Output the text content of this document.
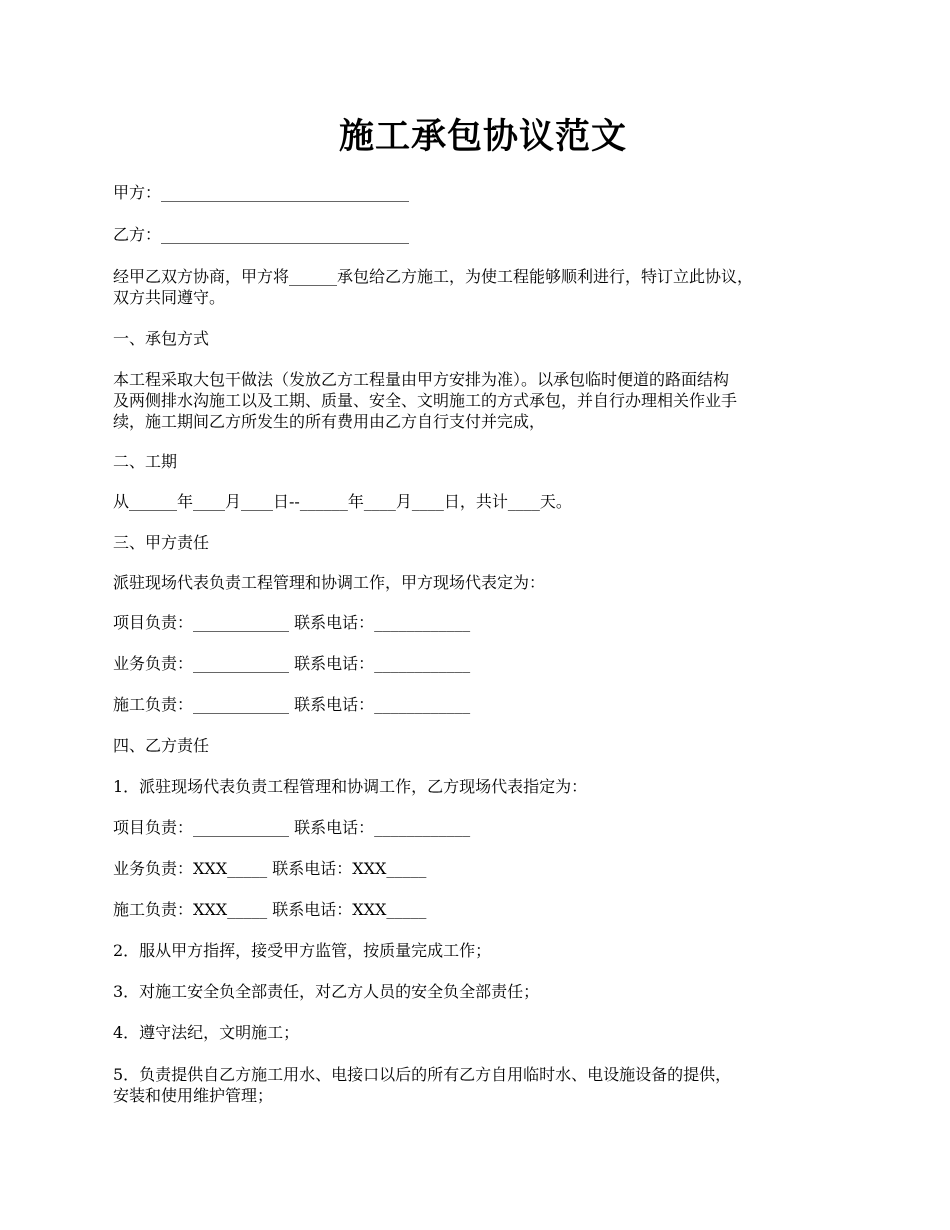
施工承包协议范文
甲方：_______________________________
乙方：_______________________________
经甲乙双方协商，甲方将______承包给乙方施工，为使工程能够顺利进行，特订立此协议，
双方共同遵守。
一、承包方式
本工程采取大包干做法（发放乙方工程量由甲方安排为准）。以承包临时便道的路面结构
及两侧排水沟施工以及工期、质量、安全、文明施工的方式承包，并自行办理相关作业手
续，施工期间乙方所发生的所有费用由乙方自行支付并完成，
二、工期
从______年____月____日--______年____月____日，共计____天。
三、甲方责任
派驻现场代表负责工程管理和协调工作，甲方现场代表定为：
项目负责：____________ 联系电话：____________
业务负责：____________ 联系电话：____________
施工负责：____________ 联系电话：____________
四、乙方责任
1．派驻现场代表负责工程管理和协调工作，乙方现场代表指定为：
项目负责：____________ 联系电话：____________
业务负责：XXX_____ 联系电话：XXX_____
施工负责：XXX_____ 联系电话：XXX_____
2．服从甲方指挥，接受甲方监管，按质量完成工作；
3．对施工安全负全部责任，对乙方人员的安全负全部责任；
4．遵守法纪，文明施工；
5．负责提供自乙方施工用水、电接口以后的所有乙方自用临时水、电设施设备的提供，
安装和使用维护管理；
